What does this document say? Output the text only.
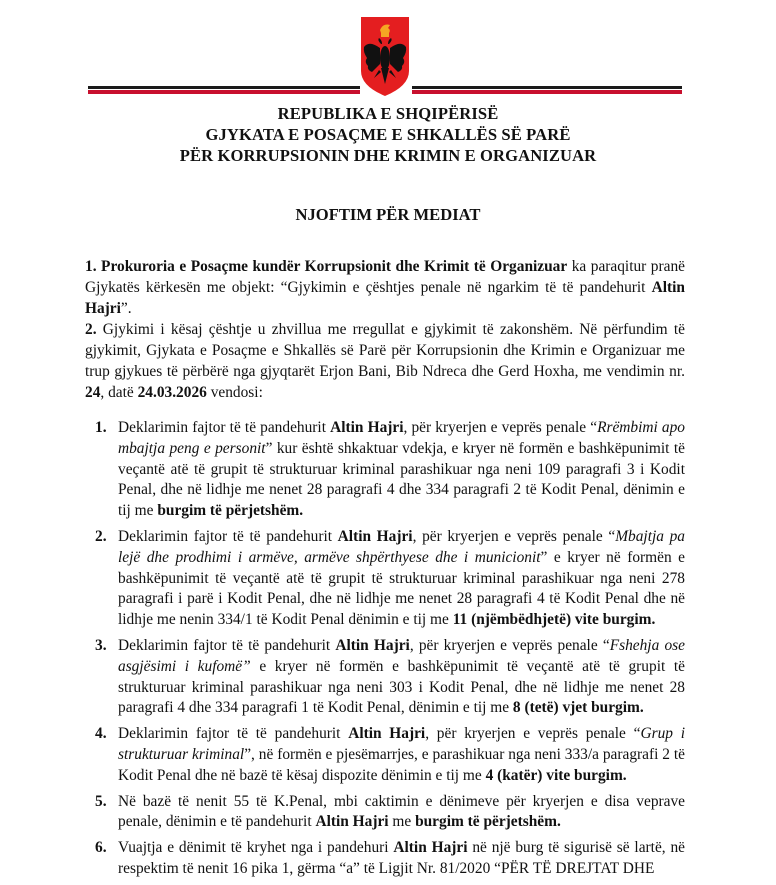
REPUBLIKA E SHQIPËRISË
GJYKATA E POSAÇME E SHKALLËS SË PARË
PËR KORRUPSIONIN DHE KRIMIN E ORGANIZUAR
NJOFTIM PËR MEDIAT
1. Prokuroria e Posaçme kundër Korrupsionit dhe Krimit të Organizuar ka paraqitur pranë Gjykatës kërkesën me objekt: “Gjykimin e çështjes penale në ngarkim të të pandehurit Altin Hajri”.
2. Gjykimi i kësaj çështje u zhvillua me rregullat e gjykimit të zakonshëm. Në përfundim të gjykimit, Gjykata e Posaçme e Shkallës së Parë për Korrupsionin dhe Krimin e Organizuar me trup gjykues të përbërë nga gjyqtarët Erjon Bani, Bib Ndreca dhe Gerd Hoxha, me vendimin nr. 24, datë 24.03.2026 vendosi:
1. Deklarimin fajtor të të pandehurit Altin Hajri, për kryerjen e veprës penale “Rrëmbimi apo mbajtja peng e personit” kur është shkaktuar vdekja, e kryer në formën e bashkëpunimit të veçantë atë të grupit të strukturuar kriminal parashikuar nga neni 109 paragrafi 3 i Kodit Penal, dhe në lidhje me nenet 28 paragrafi 4 dhe 334 paragrafi 2 të Kodit Penal, dënimin e tij me burgim të përjetshëm.
2. Deklarimin fajtor të të pandehurit Altin Hajri, për kryerjen e veprës penale “Mbajtja pa lejë dhe prodhimi i armëve, armëve shpërthyese dhe i municionit” e kryer në formën e bashkëpunimit të veçantë atë të grupit të strukturuar kriminal parashikuar nga neni 278 paragrafi i parë i Kodit Penal, dhe në lidhje me nenet 28 paragrafi 4 të Kodit Penal dhe në lidhje me nenin 334/1 të Kodit Penal dënimin e tij me 11 (njëmbëdhjetë) vite burgim.
3. Deklarimin fajtor të të pandehurit Altin Hajri, për kryerjen e veprës penale “Fshehja ose asgjësimi i kufomë” e kryer në formën e bashkëpunimit të veçantë atë të grupit të strukturuar kriminal parashikuar nga neni 303 i Kodit Penal, dhe në lidhje me nenet 28 paragrafi 4 dhe 334 paragrafi 1 të Kodit Penal, dënimin e tij me 8 (tetë) vjet burgim.
4. Deklarimin fajtor të të pandehurit Altin Hajri, për kryerjen e veprës penale “Grup i strukturuar kriminal”, në formën e pjesëmarrjes, e parashikuar nga neni 333/a paragrafi 2 të Kodit Penal dhe në bazë të kësaj dispozite dënimin e tij me 4 (katër) vite burgim.
5. Në bazë të nenit 55 të K.Penal, mbi caktimin e dënimeve për kryerjen e disa veprave penale, dënimin e të pandehurit Altin Hajri me burgim të përjetshëm.
6. Vuajtja e dënimit të kryhet nga i pandehuri Altin Hajri në një burg të sigurisë së lartë, në respektim të nenit 16 pika 1, gërma “a” të Ligjit Nr. 81/2020 “PËR TË DREJTAT DHE
